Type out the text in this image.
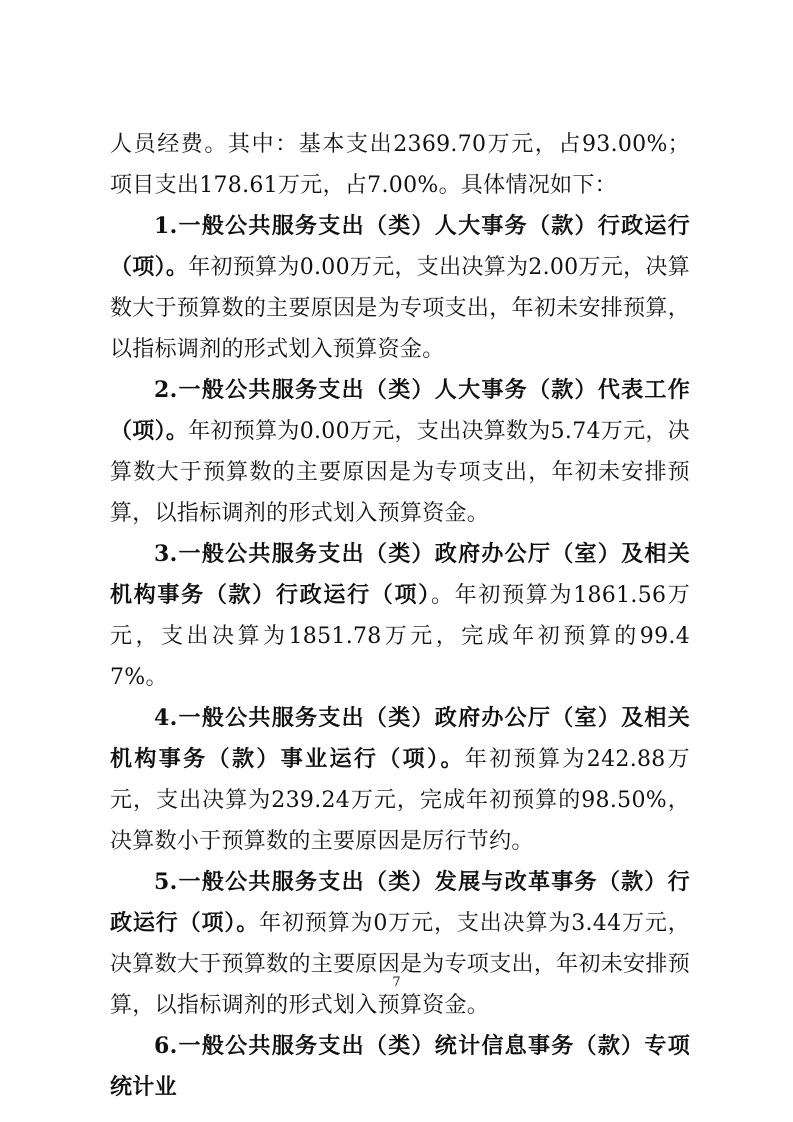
人员经费。其中：基本支出2369.70万元，占93.00%；项目支出178.61万元，占7.00%。具体情况如下：

1.一般公共服务支出（类）人大事务（款）行政运行（项）。年初预算为0.00万元，支出决算为2.00万元，决算数大于预算数的主要原因是为专项支出，年初未安排预算，以指标调剂的形式划入预算资金。

2.一般公共服务支出（类）人大事务（款）代表工作（项）。年初预算为0.00万元，支出决算数为5.74万元，决算数大于预算数的主要原因是为专项支出，年初未安排预算，以指标调剂的形式划入预算资金。

3.一般公共服务支出（类）政府办公厅（室）及相关机构事务（款）行政运行（项）。年初预算为1861.56万元，支出决算为1851.78万元，完成年初预算的99.47%。

4.一般公共服务支出（类）政府办公厅（室）及相关机构事务（款）事业运行（项）。年初预算为242.88万元，支出决算为239.24万元，完成年初预算的98.50%，决算数小于预算数的主要原因是厉行节约。

5.一般公共服务支出（类）发展与改革事务（款）行政运行（项）。年初预算为0万元，支出决算为3.44万元，决算数大于预算数的主要原因是为专项支出，年初未安排预算，以指标调剂的形式划入预算资金。

6.一般公共服务支出（类）统计信息事务（款）专项统计业

7
